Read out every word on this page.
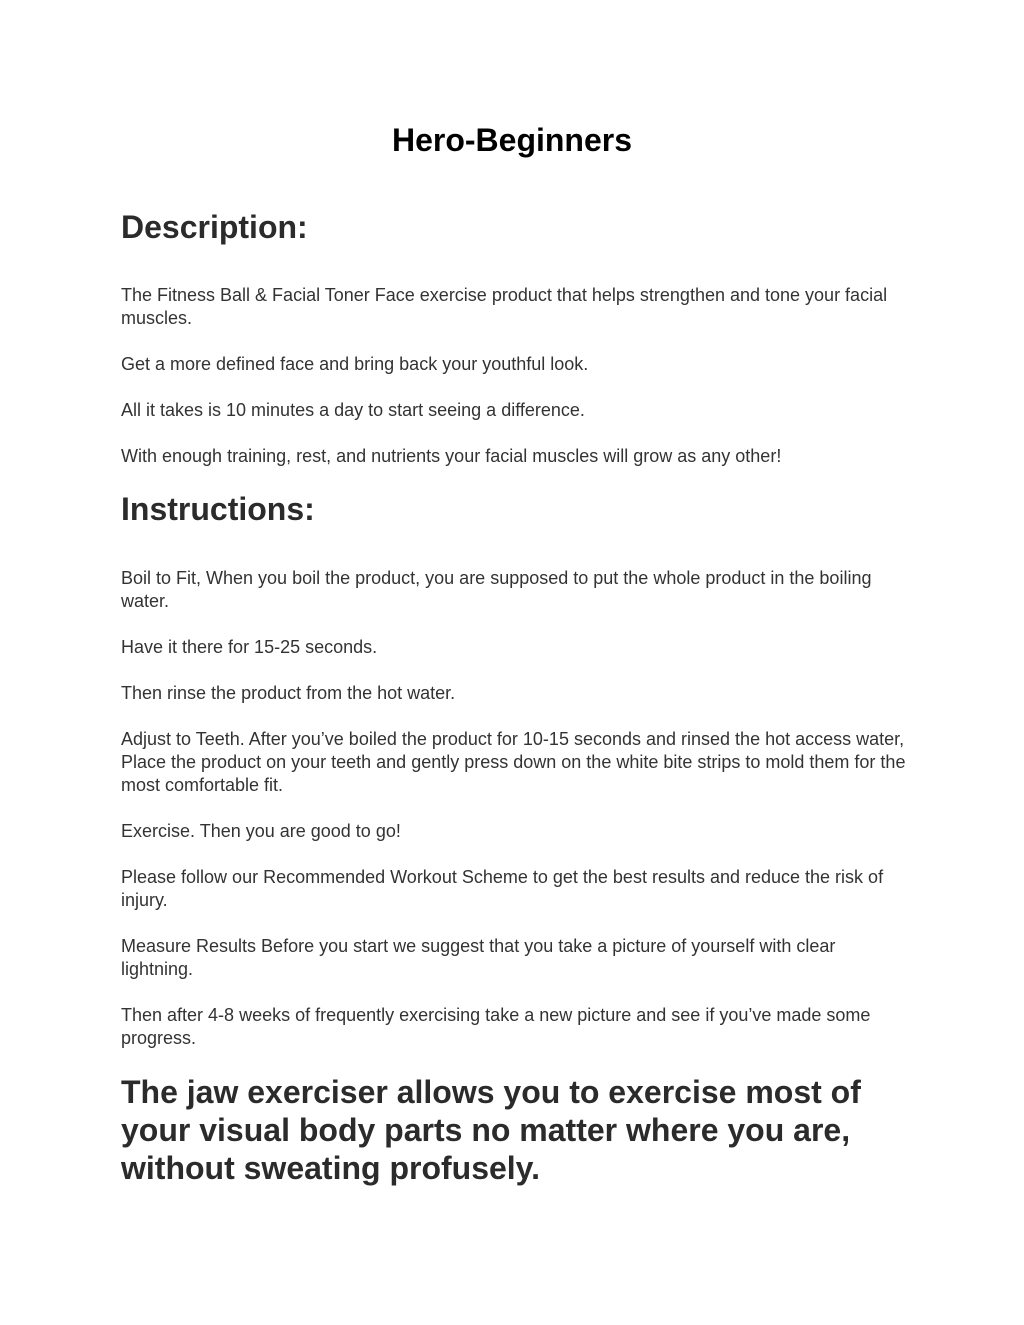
Hero-Beginners
Description:

The Fitness Ball & Facial Toner Face exercise product that helps strengthen and tone your facial muscles.

Get a more defined face and bring back your youthful look.

All it takes is 10 minutes a day to start seeing a difference.

With enough training, rest, and nutrients your facial muscles will grow as any other!

Instructions:

Boil to Fit, When you boil the product, you are supposed to put the whole product in the boiling water.

Have it there for 15-25 seconds.

Then rinse the product from the hot water.

Adjust to Teeth. After you’ve boiled the product for 10-15 seconds and rinsed the hot access water, Place the product on your teeth and gently press down on the white bite strips to mold them for the most comfortable fit.

Exercise. Then you are good to go!

Please follow our Recommended Workout Scheme to get the best results and reduce the risk of injury.

Measure Results Before you start we suggest that you take a picture of yourself with clear lightning.

Then after 4-8 weeks of frequently exercising take a new picture and see if you’ve made some progress.

The jaw exerciser allows you to exercise most of your visual body parts no matter where you are, without sweating profusely.
